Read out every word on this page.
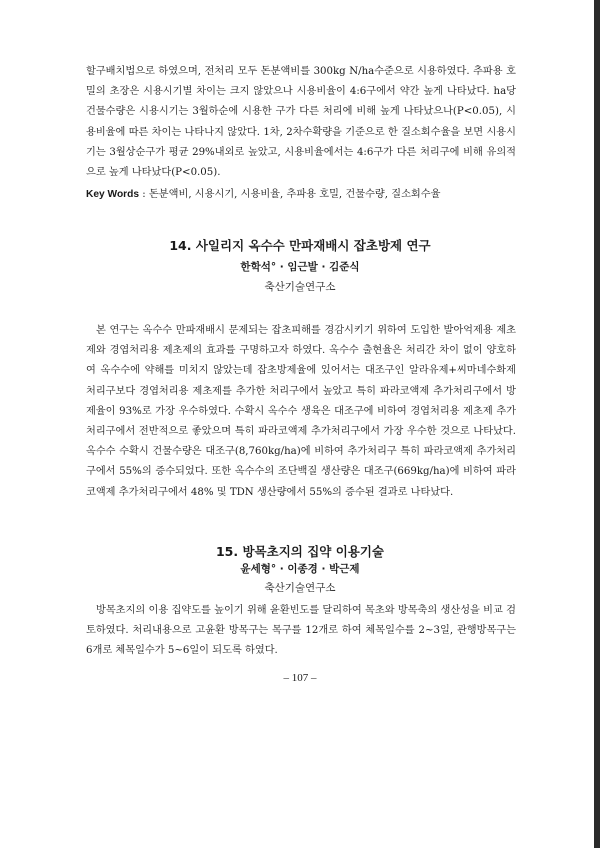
할구배치법으로 하였으며, 전처리 모두 돈분액비를 300kg N/ha수준으로 시용하였다. 추파용 호밀의 초장은 시용시기별 차이는 크지 않았으나 시용비율이 4:6구에서 약간 높게 나타났다. ha당 건물수량은 시용시기는 3월하순에 시용한 구가 다른 처리에 비해 높게 나타났으나(P<0.05), 시용비율에 따른 차이는 나타나지 않았다. 1차, 2차수확량을 기준으로 한 질소회수율을 보면 시용시기는 3월상순구가 평균 29%내외로 높았고, 시용비율에서는 4:6구가 다른 처리구에 비해 유의적으로 높게 나타났다(P<0.05).

Key Words : 돈분액비, 시용시기, 시용비율, 추파용 호밀, 건물수량, 질소회수율
14. 사일리지 옥수수 만파재배시 잡초방제 연구

한학석° · 임근발 · 김준식

축산기술연구소

본 연구는 옥수수 만파재배시 문제되는 잡초피해를 경감시키기 위하여 도입한 발아억제용 제초제와 경엽처리용 제초제의 효과를 구명하고자 하였다. 옥수수 출현율은 처리간 차이 없이 양호하여 옥수수에 약해를 미치지 않았는데 잡초방제율에 있어서는 대조구인 알라유제+씨마네수화제 처리구보다 경엽처리용 제초제를 추가한 처리구에서 높았고 특히 파라코액제 추가처리구에서 방제율이 93%로 가장 우수하였다. 수확시 옥수수 생육은 대조구에 비하여 경엽처리용 제초제 추가처리구에서 전반적으로 좋았으며 특히 파라코액제 추가처리구에서 가장 우수한 것으로 나타났다. 옥수수 수확시 건물수량은 대조구(8,760kg/ha)에 비하여 추가처리구 특히 파라코액제 추가처리구에서 55%의 증수되었다. 또한 옥수수의 조단백질 생산량은 대조구(669kg/ha)에 비하여 파라코액제 추가처리구에서 48% 및 TDN 생산량에서 55%의 증수된 결과로 나타났다.

15. 방목초지의 집약 이용기술

윤세형° · 이종경 · 박근제

축산기술연구소

방목초지의 이용 집약도를 높이기 위해 윤환빈도를 달리하여 목초와 방목축의 생산성을 비교 검토하였다. 처리내용으로 고윤환 방목구는 목구를 12개로 하여 체목일수를 2~3일, 관행방목구는 6개로 체목일수가 5~6일이 되도록 하였다.

– 107 –
